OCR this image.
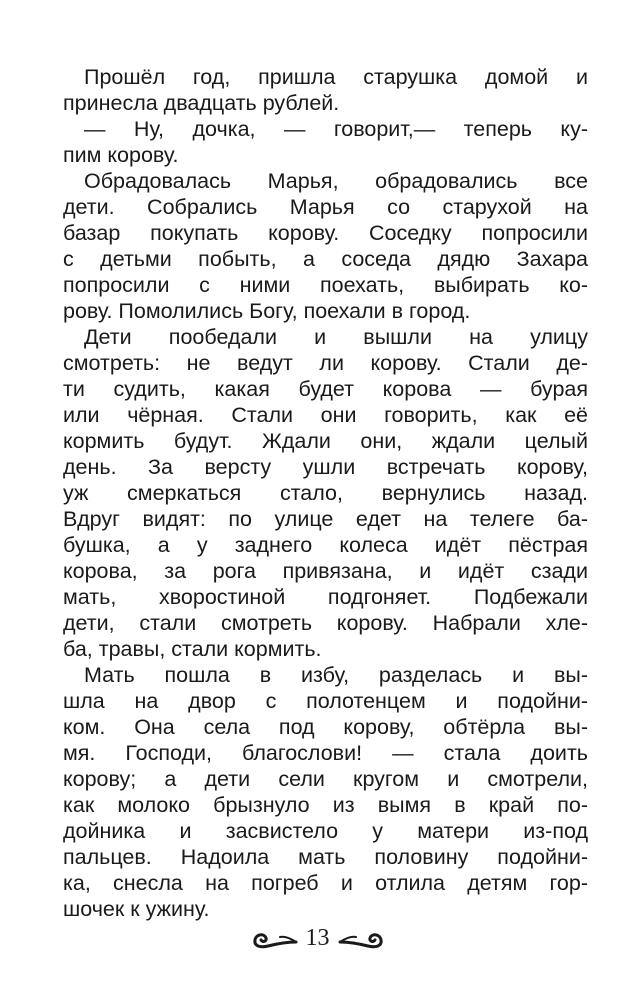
Прошёл год, пришла старушка домой и
принесла двадцать рублей.
— Ну, дочка, — говорит,— теперь ку-
пим корову.
Обрадовалась Марья, обрадовались все
дети. Собрались Марья со старухой на
базар покупать корову. Соседку попросили
с детьми побыть, а соседа дядю Захара
попросили с ними поехать, выбирать ко-
рову. Помолились Богу, поехали в город.
Дети пообедали и вышли на улицу
смотреть: не ведут ли корову. Стали де-
ти судить, какая будет корова — бурая
или чёрная. Стали они говорить, как её
кормить будут. Ждали они, ждали целый
день. За версту ушли встречать корову,
уж смеркаться стало, вернулись назад.
Вдруг видят: по улице едет на телеге ба-
бушка, а у заднего колеса идёт пёстрая
корова, за рога привязана, и идёт сзади
мать, хворостиной подгоняет. Подбежали
дети, стали смотреть корову. Набрали хле-
ба, травы, стали кормить.
Мать пошла в избу, разделась и вы-
шла на двор с полотенцем и подойни-
ком. Она села под корову, обтёрла вы-
мя. Господи, благослови! — стала доить
корову; а дети сели кругом и смотрели,
как молоко брызнуло из вымя в край по-
дойника и засвистело у матери из-под
пальцев. Надоила мать половину подойни-
ка, снесла на погреб и отлила детям гор-
шочек к ужину.
13
